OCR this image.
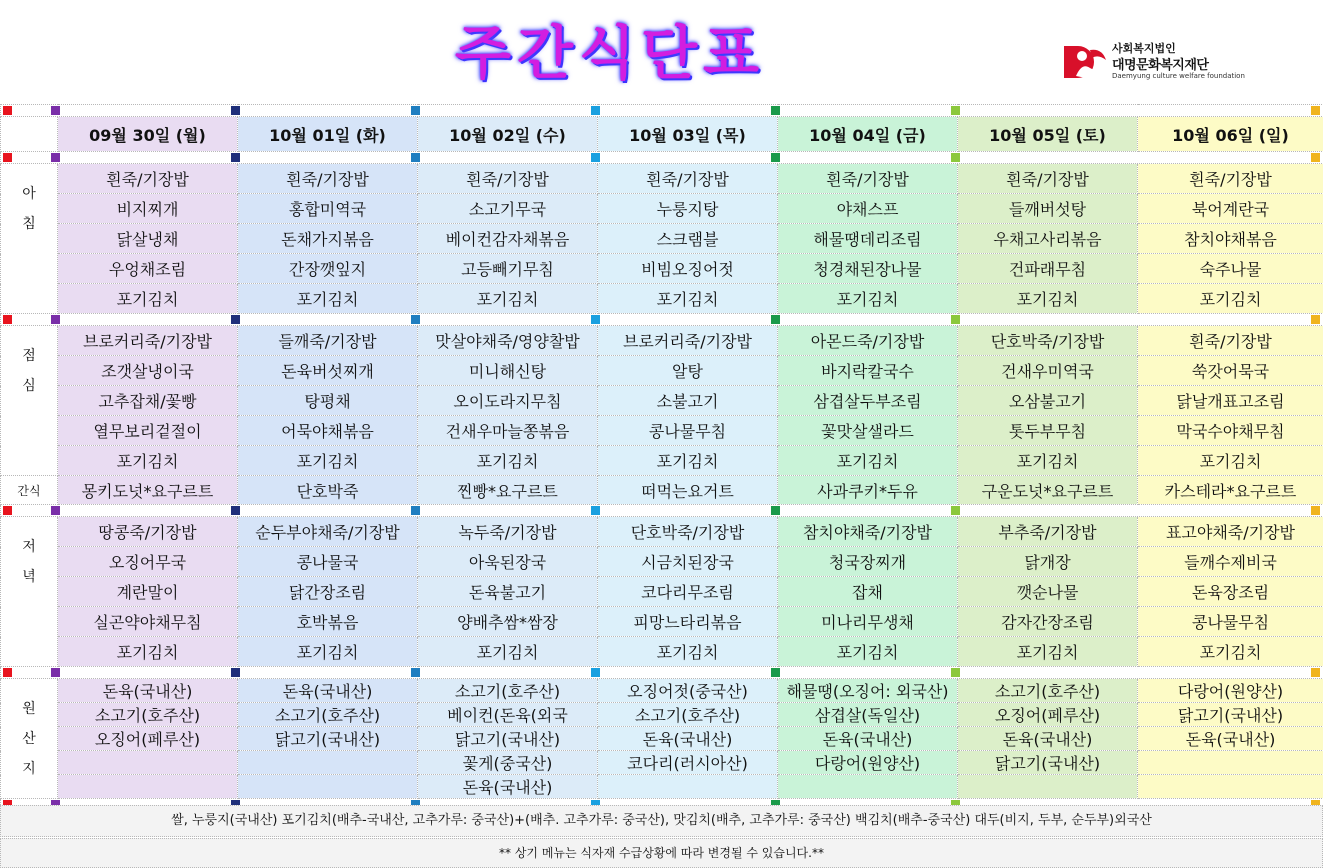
주간식단표	사회복지법인
대명문화복지재단
Daemyung culture welfare foundation

	09월 30일 (월)	10월 01일 (화)	10월 02일 (수)	10월 03일 (목)	10월 04일 (금)	10월 05일 (토)	10월 06일 (일)

아
침	흰죽/기장밥	흰죽/기장밥	흰죽/기장밥	흰죽/기장밥	흰죽/기장밥	흰죽/기장밥	흰죽/기장밥
	비지찌개	홍합미역국	소고기무국	누룽지탕	야채스프	들깨버섯탕	북어계란국
	닭살냉채	돈채가지볶음	베이컨감자채볶음	스크램블	해물땡데리조림	우채고사리볶음	참치야채볶음
	우엉채조림	간장깻잎지	고등빼기무침	비빔오징어젓	청경채된장나물	건파래무침	숙주나물
	포기김치	포기김치	포기김치	포기김치	포기김치	포기김치	포기김치

점
심	브로커리죽/기장밥	들깨죽/기장밥	맛살야채죽/영양찰밥	브로커리죽/기장밥	아몬드죽/기장밥	단호박죽/기장밥	흰죽/기장밥
	조갯살냉이국	돈육버섯찌개	미니해신탕	알탕	바지락칼국수	건새우미역국	쑥갓어묵국
	고추잡채/꽃빵	탕평채	오이도라지무침	소불고기	삼겹살두부조림	오삼불고기	닭날개표고조림
	열무보리겉절이	어묵야채볶음	건새우마늘쫑볶음	콩나물무침	꽃맛살샐라드	톳두부무침	막국수야채무침
	포기김치	포기김치	포기김치	포기김치	포기김치	포기김치	포기김치
간식	몽키도넛*요구르트	단호박죽	찐빵*요구르트	떠먹는요거트	사과쿠키*두유	구운도넛*요구르트	카스테라*요구르트

저
녁	땅콩죽/기장밥	순두부야채죽/기장밥	녹두죽/기장밥	단호박죽/기장밥	참치야채죽/기장밥	부추죽/기장밥	표고야채죽/기장밥
	오징어무국	콩나물국	아욱된장국	시금치된장국	청국장찌개	닭개장	들깨수제비국
	계란말이	닭간장조림	돈육불고기	코다리무조림	잡채	깻순나물	돈육장조림
	실곤약야채무침	호박볶음	양배추쌈*쌈장	피망느타리볶음	미나리무생채	감자간장조림	콩나물무침
	포기김치	포기김치	포기김치	포기김치	포기김치	포기김치	포기김치

원
산
지	돈육(국내산)	돈육(국내산)	소고기(호주산)	오징어젓(중국산)	해물땡(오징어: 외국산)	소고기(호주산)	다랑어(원양산)
	소고기(호주산)	소고기(호주산)	베이컨(돈육(외국	소고기(호주산)	삼겹살(독일산)	오징어(페루산)	닭고기(국내산)
	오징어(페루산)	닭고기(국내산)	닭고기(국내산)	돈육(국내산)	돈육(국내산)	돈육(국내산)	돈육(국내산)
			꽃게(중국산)	코다리(러시아산)	다랑어(원양산)	닭고기(국내산)	
			돈육(국내산)				

쌀, 누룽지(국내산) 포기김치(배추-국내산, 고추가루: 중국산)+(배추. 고추가루: 중국산), 맛김치(배추, 고추가루: 중국산) 백김치(배추-중국산) 대두(비지, 두부, 순두부)외국산
** 상기 메뉴는 식자재 수급상황에 따라 변경될 수 있습니다.**
